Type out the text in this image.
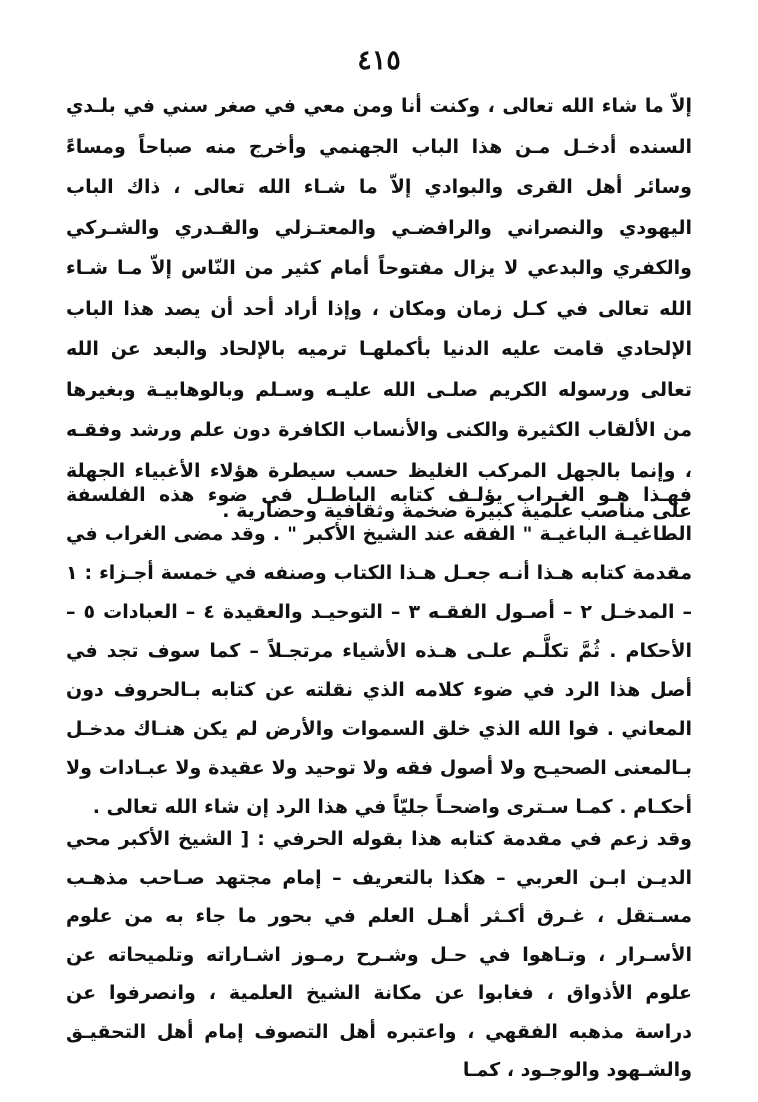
٤١٥

إلاّ ما شاء الله تعالى ، وكنت أنا ومن معي في صغر سني في بلـدي السنده أدخـل مـن هذا الباب الجهنمي وأخرج منه صباحاً ومساءً وسائر أهل القرى والبوادي إلاّ ما شـاء الله تعالى ، ذاك الباب اليهودي والنصراني والرافضـي والمعتـزلي والقـدري والشـركي والكفري والبدعي لا يزال مفتوحاً أمام كثير من النّاس إلاّ مـا شـاء الله تعالى في كـل زمان ومكان ، وإذا أراد أحد أن يصد هذا الباب الإلحادي قامت عليه الدنيا بأكملهـا ترميه بالإلحاد والبعد عن الله تعالى ورسوله الكريم صلـى الله عليـه وسـلم وبالوهابيـة وبغيرها من الألقاب الكثيرة والكنى والأنساب الكافرة دون علم ورشد وفقـه ، وإنما بالجهل المركب الغليظ حسب سيطرة هؤلاء الأغبياء الجهلة على مناصب علمية كبيرة ضخمة وثقافية وحضارية .

فهـذا هـو الغـراب يؤلـف كتابه الباطـل في ضوء هذه الفلسفة الطاغيـة الباغيـة " الفقه عند الشيخ الأكبر " . وقد مضى الغراب في مقدمة كتابه هـذا أنـه جعـل هـذا الكتاب وصنفه في خمسة أجـزاء : ١ – المدخـل ٢ – أصـول الفقـه ٣ – التوحيـد والعقيدة ٤ – العبادات ٥ – الأحكام . ثُمَّ تكلَّـم علـى هـذه الأشياء مرتجـلاً – كما سوف تجد في أصل هذا الرد في ضوء كلامه الذي نقلته عن كتابه بـالحروف دون المعاني . فوا الله الذي خلق السموات والأرض لم يكن هنـاك مدخـل بـالمعنى الصحيـح ولا أصول فقه ولا توحيد ولا عقيدة ولا عبـادات ولا أحكـام . كمـا سـترى واضحـاً جليّاً في هذا الرد إن شاء الله تعالى .

وقد زعم في مقدمة كتابه هذا بقوله الحرفي : [ الشيخ الأكبر محي الديـن ابـن العربي – هكذا بالتعريف – إمام مجتهد صـاحب مذهـب مسـتقل ، غـرق أكـثر أهـل العلم في بحور ما جاء به من علوم الأسـرار ، وتـاهوا في حـل وشـرح رمـوز اشـاراته وتلميحاته عن علوم الأذواق ، فغابوا عن مكانة الشيخ العلمية ، وانصرفوا عن دراسة مذهبه الفقهي ، واعتبره أهل التصوف إمام أهل التحقيـق والشـهود والوجـود ، كمـا
